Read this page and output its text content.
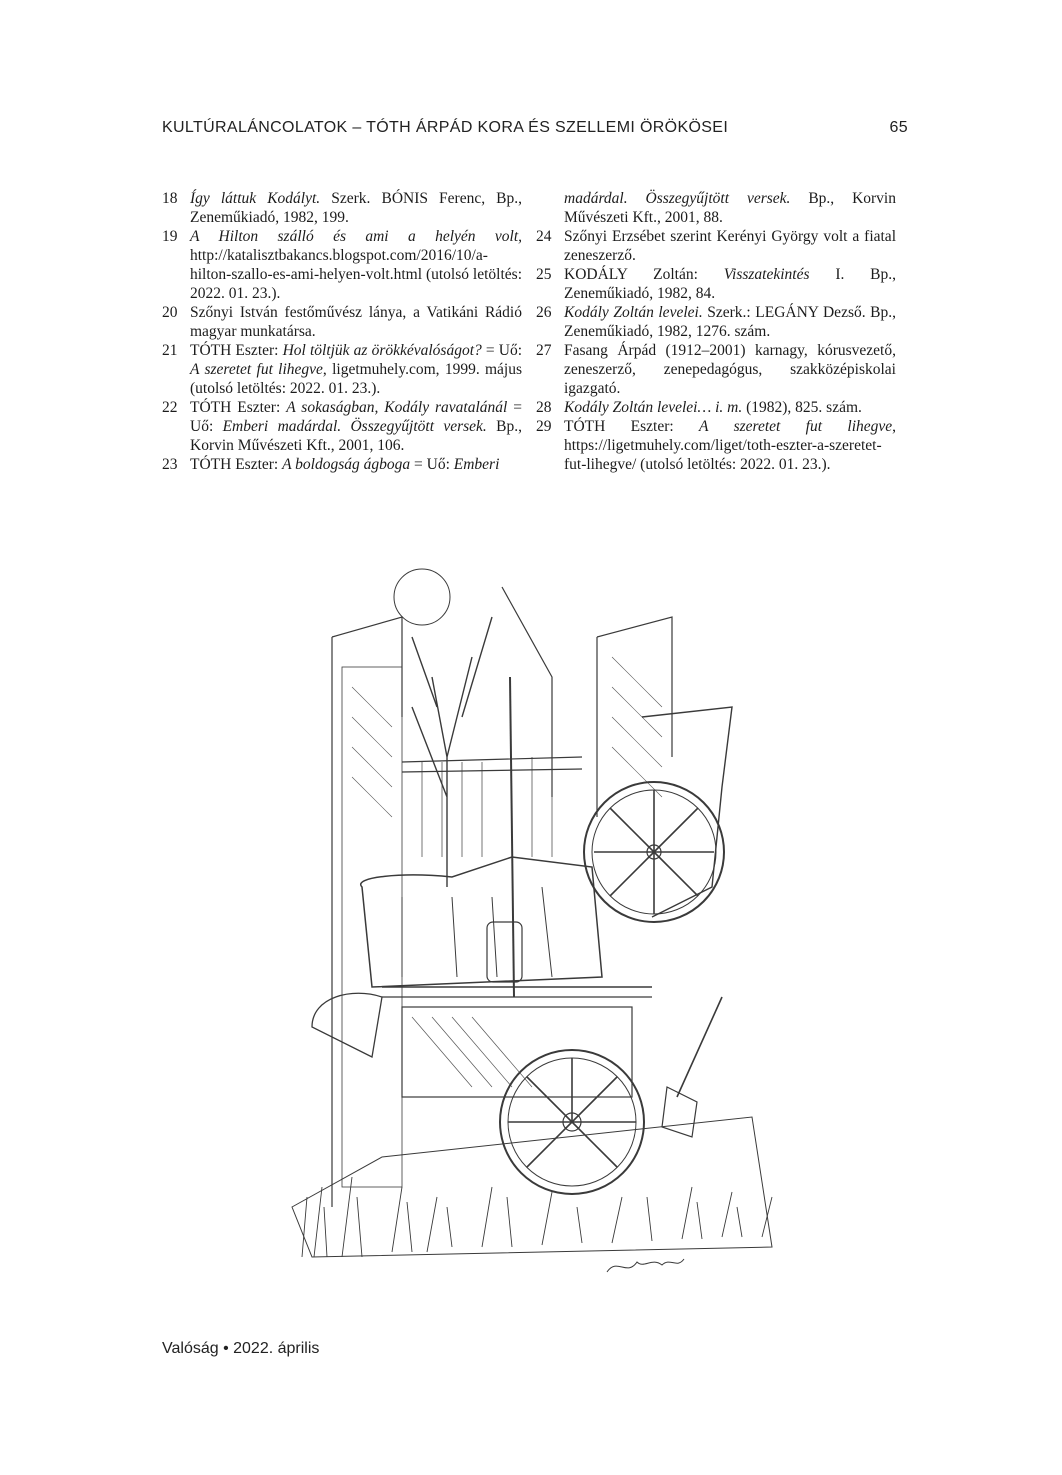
KULTÚRALÁNCOLATOK – TÓTH ÁRPÁD KORA ÉS SZELLEMI ÖRÖKÖSEI	65
18 Így láttuk Kodályt. Szerk. BÓNIS Ferenc, Bp., Zeneműkiadó, 1982, 199.
19 A Hilton szálló és ami a helyén volt, http://katalisztbakancs.blogspot.com/2016/10/a-hilton-szallo-es-ami-helyen-volt.html (utolsó letöltés: 2022. 01. 23.).
20 Szőnyi István festőművész lánya, a Vatikáni Rádió magyar munkatársa.
21 TÓTH Eszter: Hol töltjük az örökkévalóságot? = Uő: A szeretet fut lihegve, ligetmuhely.com, 1999. május (utolsó letöltés: 2022. 01. 23.).
22 TÓTH Eszter: A sokaságban, Kodály ravatalánál = Uő: Emberi madárdal. Összegyűjtött versek. Bp., Korvin Művészeti Kft., 2001, 106.
23 TÓTH Eszter: A boldogság ágboga = Uő: Emberi
madárdal. Összegyűjtött versek. Bp., Korvin Művészeti Kft., 2001, 88.
24 Szőnyi Erzsébet szerint Kerényi György volt a fiatal zeneszerző.
25 KODÁLY Zoltán: Visszatekintés I. Bp., Zeneműkiadó, 1982, 84.
26 Kodály Zoltán levelei. Szerk.: LEGÁNY Dezső. Bp., Zeneműkiadó, 1982, 1276. szám.
27 Fasang Árpád (1912–2001) karnagy, kórusvezető, zeneszerző, zenepedagógus, szakközépiskolai igazgató.
28 Kodály Zoltán levelei… i. m. (1982), 825. szám.
29 TÓTH Eszter: A szeretet fut lihegve, https://ligetmuhely.com/liget/toth-eszter-a-szeretet-fut-lihegve/ (utolsó letöltés: 2022. 01. 23.).
Valóság • 2022. április
